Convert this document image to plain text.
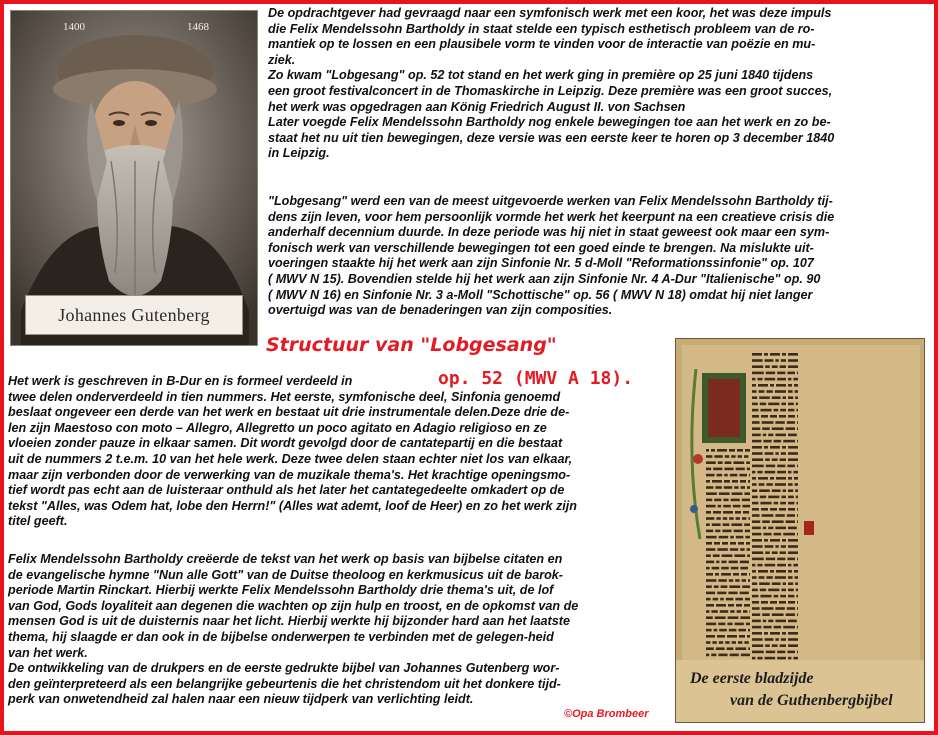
1400	1468
Johannes Gutenberg
De opdrachtgever had gevraagd naar een symfonisch werk met een koor, het was deze impuls
die Felix Mendelssohn Bartholdy in staat stelde een typisch esthetisch probleem van de ro-
mantiek op te lossen en een plausibele vorm te vinden voor de interactie van poëzie en mu-
ziek.
Zo kwam "Lobgesang" op. 52 tot stand en het werk ging in première op 25 juni 1840 tijdens
een groot festivalconcert in de Thomaskirche in Leipzig. Deze première was een groot succes,
het werk was opgedragen aan König Friedrich August II. von Sachsen
Later voegde Felix Mendelssohn Bartholdy nog enkele bewegingen toe aan het werk en zo be-
staat het nu uit tien bewegingen, deze versie was een eerste keer te horen op 3 december 1840
in Leipzig.
"Lobgesang" werd een van de meest uitgevoerde werken van Felix Mendelssohn Bartholdy tij-
dens zijn leven, voor hem persoonlijk vormde het werk het keerpunt na een creatieve crisis die
anderhalf decennium duurde. In deze periode was hij niet in staat geweest ook maar een sym-
fonisch werk van verschillende bewegingen tot een goed einde te brengen. Na mislukte uit-
voeringen staakte hij het werk aan zijn Sinfonie Nr. 5 d-Moll "Reformationssinfonie" op. 107
( MWV N 15). Bovendien stelde hij het werk aan zijn Sinfonie Nr. 4 A-Dur "Italienische" op. 90
( MWV N 16) en Sinfonie Nr. 3 a-Moll "Schottische" op. 56 ( MWV N 18) omdat hij niet langer
overtuigd was van de benaderingen van zijn composities.
Structuur van "Lobgesang"
op. 52 (MWV A 18).
Het werk is geschreven in B-Dur en is formeel verdeeld in
twee delen onderverdeeld in tien nummers. Het eerste, symfonische deel, Sinfonia genoemd
beslaat ongeveer een derde van het werk en bestaat uit drie instrumentale delen.Deze drie de-
len zijn Maestoso con moto – Allegro, Allegretto un poco agitato en Adagio religioso en ze
vloeien zonder pauze in elkaar samen. Dit wordt gevolgd door de cantatepartij en die bestaat
uit de nummers 2 t.e.m. 10 van het hele werk. Deze twee delen staan echter niet los van elkaar,
maar zijn verbonden door de verwerking van de muzikale thema's. Het krachtige openingsmo-
tief wordt pas echt aan de luisteraar onthuld als het later het cantategedeelte omkadert op de
tekst "Alles, was Odem hat, lobe den Herrn!" (Alles wat ademt, loof de Heer) en zo het werk zijn
titel geeft.
Felix Mendelssohn Bartholdy creëerde de tekst van het werk op basis van bijbelse citaten en
de evangelische hymne "Nun alle Gott" van de Duitse theoloog en kerkmusicus uit de barok-
periode Martin Rinckart. Hierbij werkte Felix Mendelssohn Bartholdy drie thema's uit, de lof
van God, Gods loyaliteit aan degenen die wachten op zijn hulp en troost, en de opkomst van de
mensen God is uit de duisternis naar het licht. Hierbij werkte hij bijzonder hard aan het laatste
thema, hij slaagde er dan ook in de bijbelse onderwerpen te verbinden met de gelegen-heid
van het werk.
De ontwikkeling van de drukpers en de eerste gedrukte bijbel van Johannes Gutenberg wor-
den geïnterpreteerd als een belangrijke gebeurtenis die het christendom uit het donkere tijd-
perk van onwetendheid zal halen naar een nieuw tijdperk van verlichting leidt.
De eerste bladzijde
van de Guthenbergbijbel
©Opa Brombeer
